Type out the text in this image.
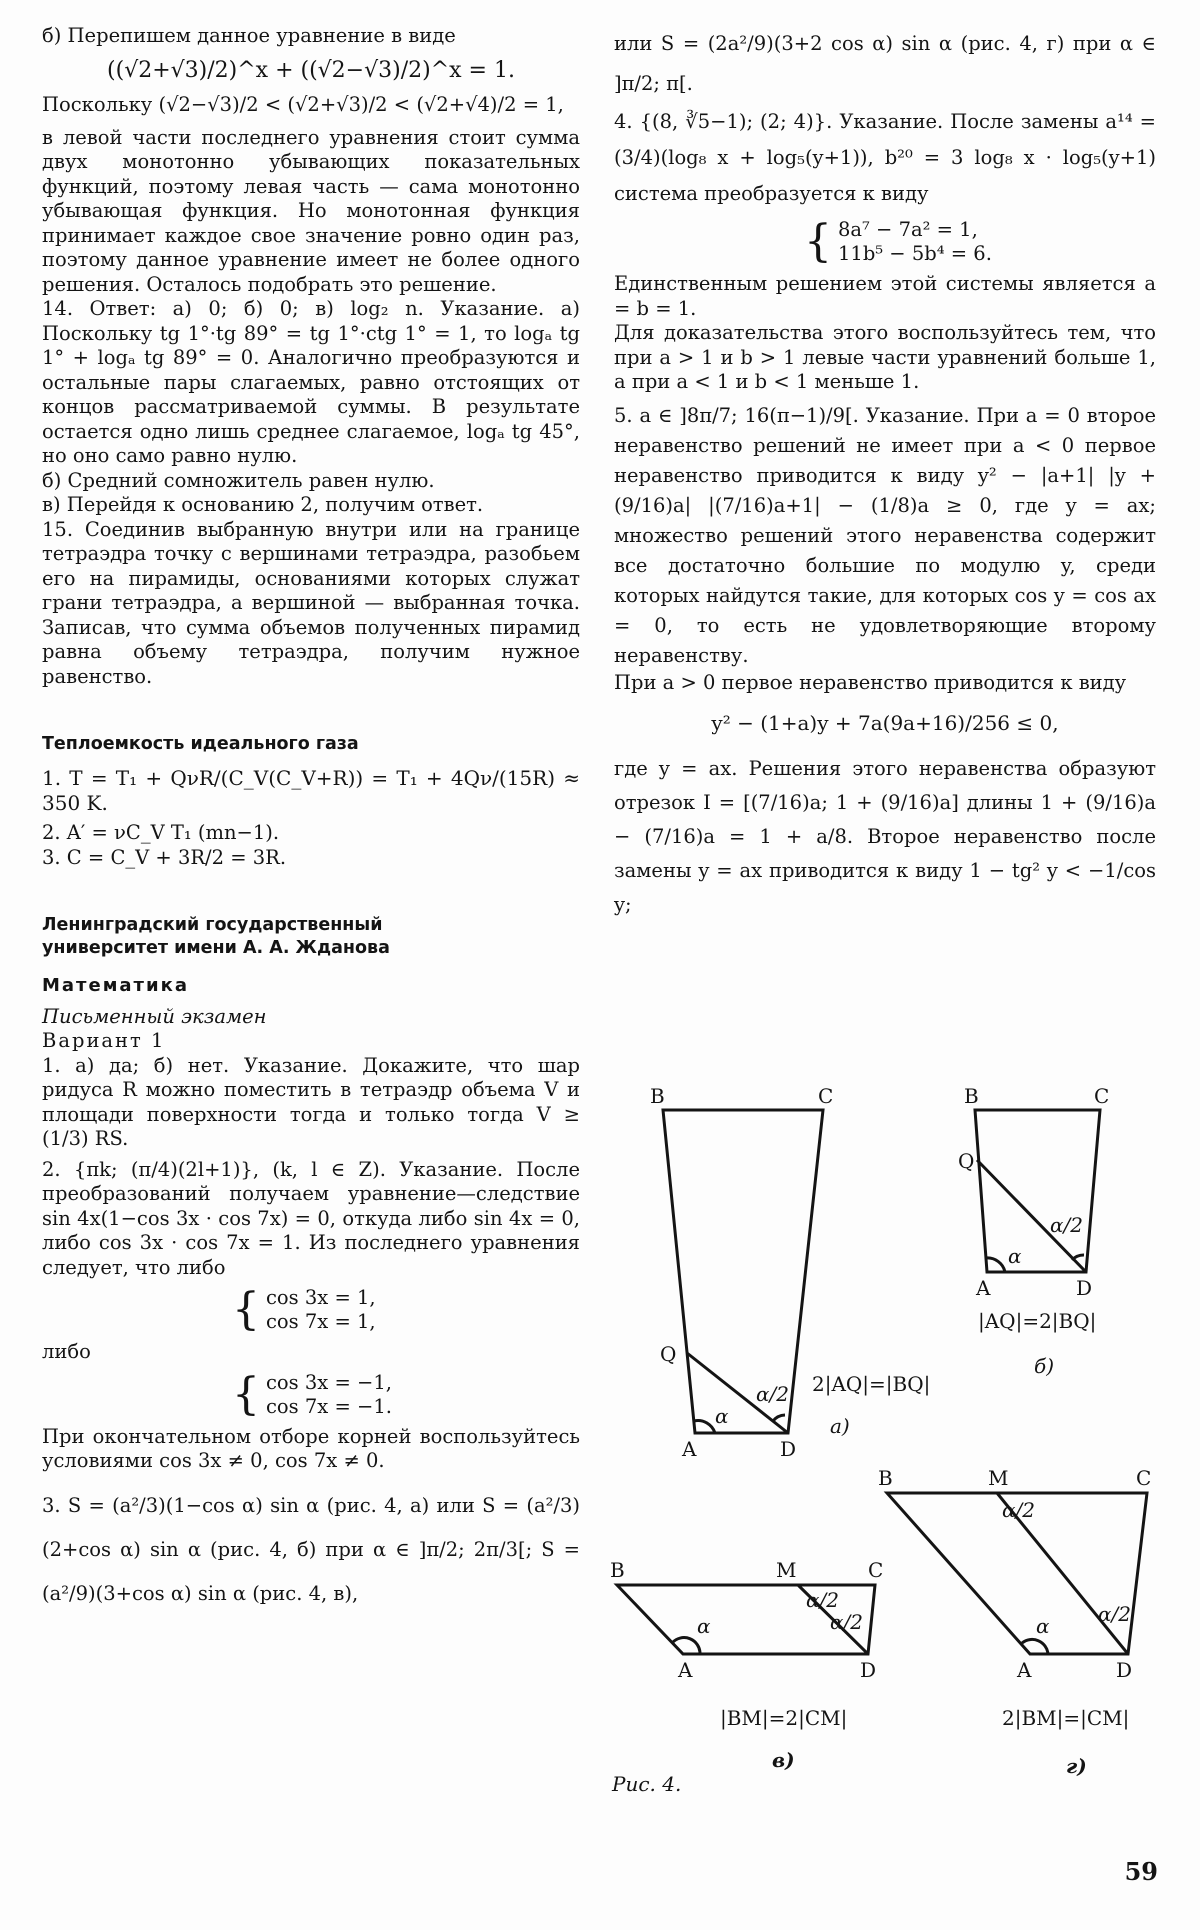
б) Перепишем данное уравнение в виде

((√2+√3)/2)^x + ((√2−√3)/2)^x = 1.

Поскольку (√2−√3)/2 < (√2+√3)/2 < (√2+√4)/2 = 1,

в левой части последнего уравнения стоит сумма двух монотонно убывающих показательных функций, поэтому левая часть — сама монотонно убывающая функция. Но монотонная функция принимает каждое свое значение ровно один раз, поэтому данное уравнение имеет не более одного решения. Осталось подобрать это решение.

14. Ответ: а) 0; б) 0; в) log₂ n. Указание. а) Поскольку tg 1°·tg 89° = tg 1°·ctg 1° = 1, то logₐ tg 1° + logₐ tg 89° = 0. Аналогично преобразуются и остальные пары слагаемых, равно отстоящих от концов рассматриваемой суммы. В результате остается одно лишь среднее слагаемое, logₐ tg 45°, но оно само равно нулю.

б) Средний сомножитель равен нулю.

в) Перейдя к основанию 2, получим ответ.

15. Соединив выбранную внутри или на границе тетраэдра точку с вершинами тетраэдра, разобьем его на пирамиды, основаниями которых служат грани тетраэдра, а вершиной — выбранная точка. Записав, что сумма объемов полученных пирамид равна объему тетраэдра, получим нужное равенство.

Теплоемкость идеального газа

1. T = T₁ + QνR/(C_V(C_V+R)) = T₁ + 4Qν/(15R) ≈ 350 K.

2. A′ = νC_V T₁ (mn−1).

3. C = C_V + 3R/2 = 3R.

Ленинградский государственный

университет имени А. А. Жданова

Математика

Письменный экзамен

Вариант 1

1. а) да; б) нет. Указание. Докажите, что шар ридуса R можно поместить в тетраэдр объема V и площади поверхности тогда и только тогда V ≥ (1/3) RS.

2. {πk; (π/4)(2l+1)}, (k, l ∈ Z). Указание. После преобразований получаем уравнение—следствие sin 4x(1−cos 3x · cos 7x) = 0, откуда либо sin 4x = 0, либо cos 3x · cos 7x = 1. Из последнего уравнения следует, что либо

{ cos 3x = 1,
cos 7x = 1,

либо

{ cos 3x = −1,
cos 7x = −1.

При окончательном отборе корней воспользуйтесь условиями cos 3x ≠ 0, cos 7x ≠ 0.

3. S = (a²/3)(1−cos α) sin α (рис. 4, а) или S = (a²/3)(2+cos α) sin α (рис. 4, б) при α ∈ ]π/2; 2π/3[; S = (a²/9)(3+cos α) sin α (рис. 4, в),

или S = (2a²/9)(3+2 cos α) sin α (рис. 4, г) при α ∈ ]π/2; π[.

4. {(8, ∛5−1); (2; 4)}. Указание. После замены a¹⁴ = (3/4)(log₈ x + log₅(y+1)), b²⁰ = 3 log₈ x · log₅(y+1) система преобразуется к виду

{ 8a⁷ − 7a² = 1,
11b⁵ − 5b⁴ = 6.

Единственным решением этой системы является a = b = 1.

Для доказательства этого воспользуйтесь тем, что при a > 1 и b > 1 левые части уравнений больше 1, а при a < 1 и b < 1 меньше 1.

5. a ∈ ]8π/7; 16(π−1)/9[. Указание. При a = 0 второе неравенство решений не имеет при a < 0 первое неравенство приводится к виду y² − |a+1| |y + (9/16)a| |(7/16)a+1| − (1/8)a ≥ 0, где y = ax; множество решений этого неравенства содержит все достаточно большие по модулю y, среди которых найдутся такие, для которых cos y = cos ax = 0, то есть не удовлетворяющие второму неравенству.

При a > 0 первое неравенство приводится к виду

y² − (1+a)y + 7a(9a+16)/256 ≤ 0,

где y = ax. Решения этого неравенства образуют отрезок I = [(7/16)a; 1 + (9/16)a] длины 1 + (9/16)a − (7/16)a = 1 + a/8. Второе неравенство после замены y = ax приводится к виду 1 − tg² y < −1/cos y;

B	C
Q
A	D
α
α/2 2|AQ|=|BQ|
а)
B	C
Q
A	D
α
α/2
|AQ|=2|BQ|
б)
B	M	C
A	D
α
α/2
α/2
|BM|=2|CM|
в)
B	M	C
A	D
α
α/2
α/2
2|BM|=|CM|
г)
Рис. 4.
59
